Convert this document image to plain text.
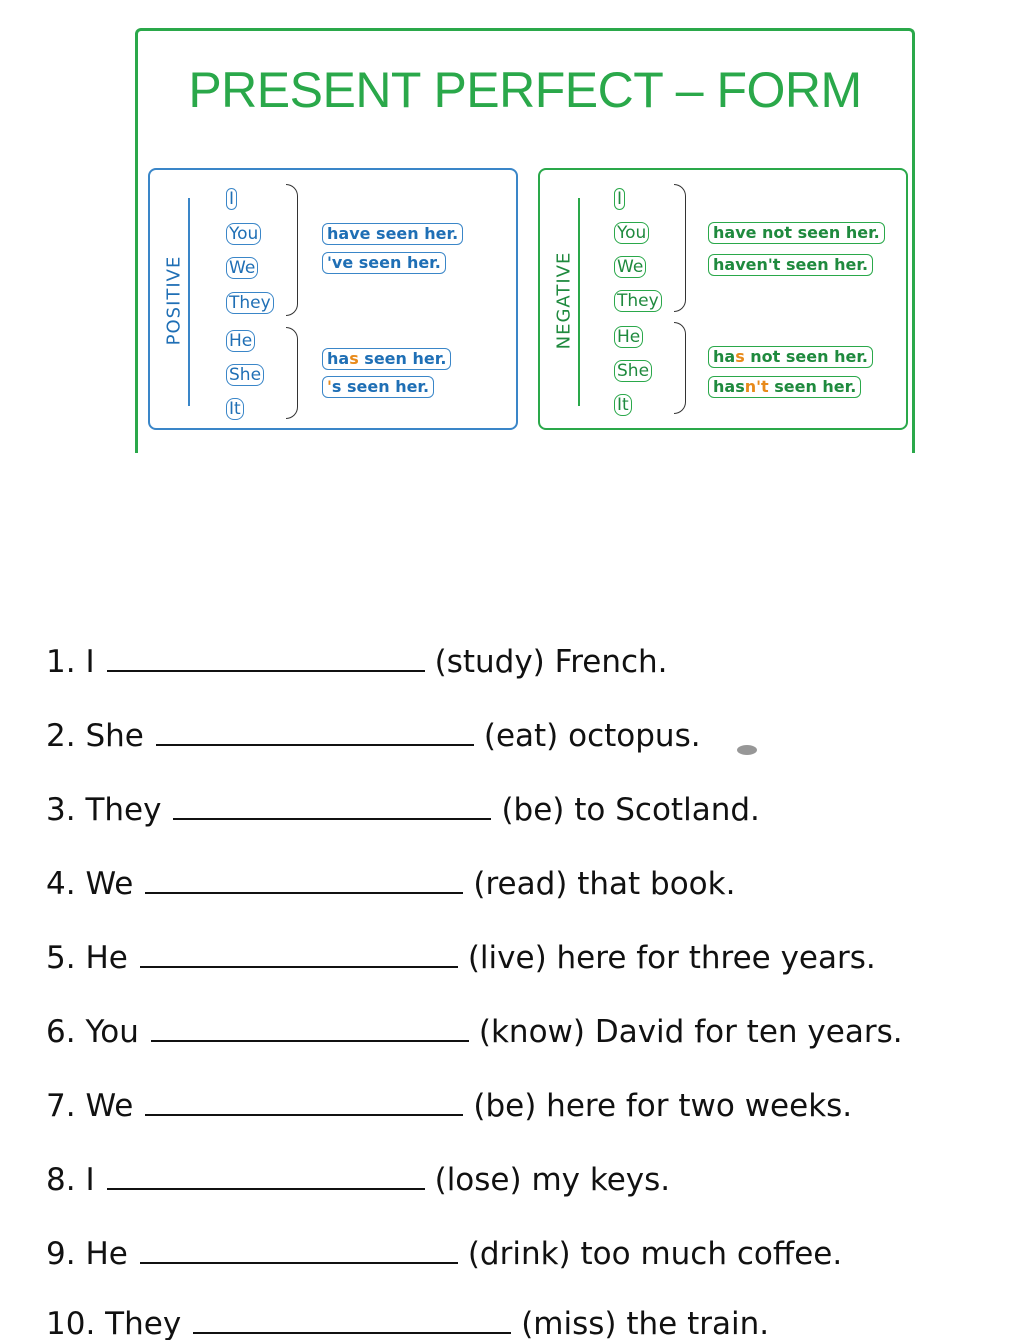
PRESENT PERFECT – FORM
POSITIVE
I
You
We
They
have seen her.
've seen her.
He
She
It
has seen her.
's seen her.
NEGATIVE
I
You
We
They
have not seen her.
haven't seen her.
He
She
It
has not seen her.
hasn't seen her.
1.
I	(study)
French.
2.
She	(eat)
octopus.
3.
They	(be)
to Scotland.
4.
We	(read)
that book.
5.
He	(live)
here for three years.
6.
You	(know)
David for ten years.
7.
We	(be)
here for two weeks.
8.
I	(lose)
my keys.
9.
He	(drink)
too much coffee.
10.
They	(miss)
the train.
